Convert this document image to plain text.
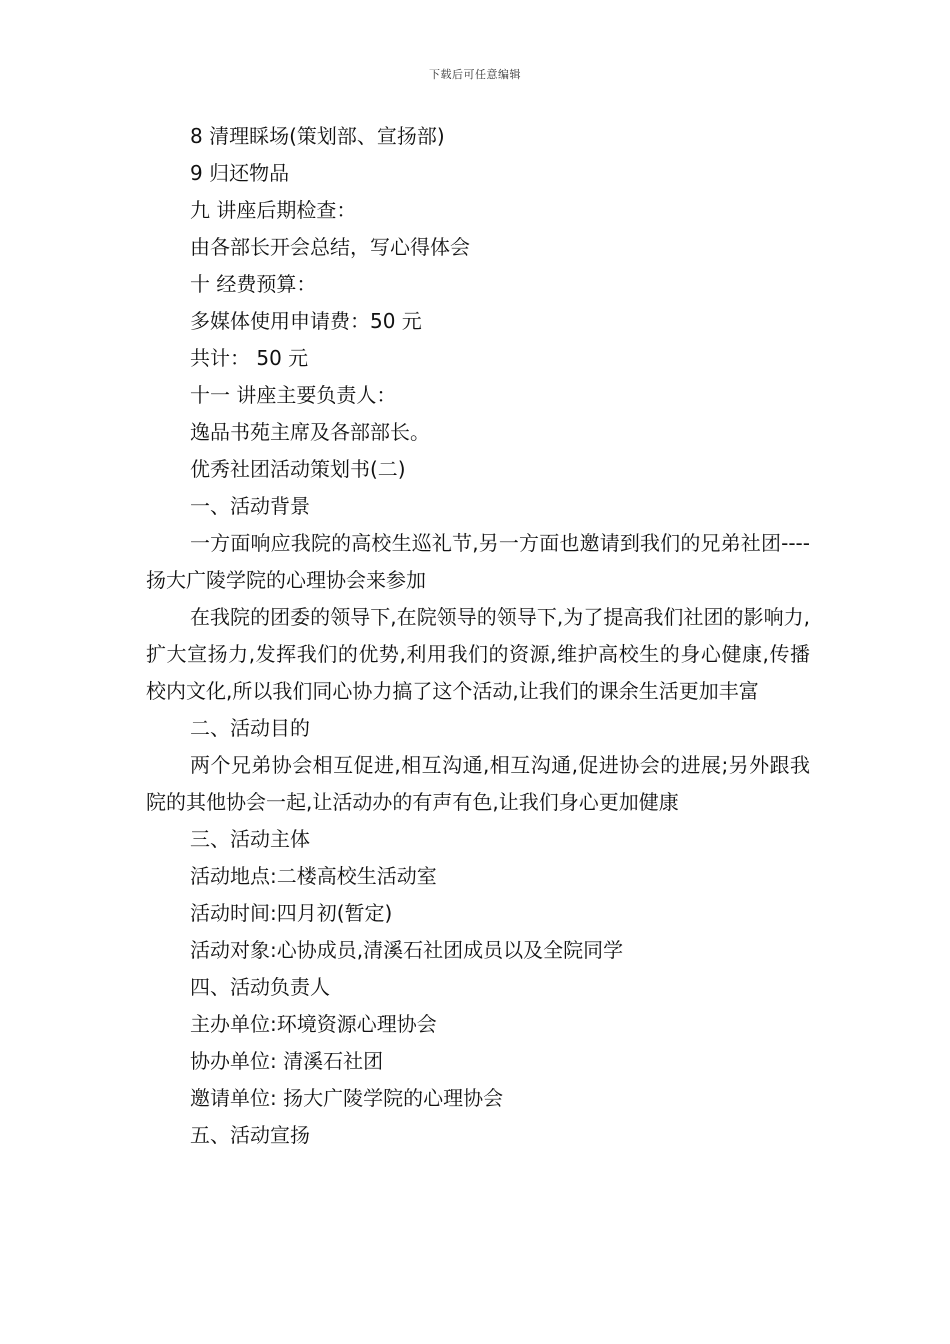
下载后可任意编辑

8 清理睬场(策划部、宣扬部)

9 归还物品

九 讲座后期检查：

由各部长开会总结，写心得体会

十 经费预算：

多媒体使用申请费：50 元

共计： 50 元

十一 讲座主要负责人：

逸品书苑主席及各部部长。

优秀社团活动策划书(二)

一、活动背景

一方面响应我院的高校生巡礼节,另一方面也邀请到我们的兄弟社团----扬大广陵学院的心理协会来参加

在我院的团委的领导下,在院领导的领导下,为了提高我们社团的影响力,扩大宣扬力,发挥我们的优势,利用我们的资源,维护高校生的身心健康,传播校内文化,所以我们同心协力搞了这个活动,让我们的课余生活更加丰富

二、活动目的

两个兄弟协会相互促进,相互沟通,相互沟通,促进协会的进展;另外跟我院的其他协会一起,让活动办的有声有色,让我们身心更加健康

三、活动主体

活动地点:二楼高校生活动室

活动时间:四月初(暂定)

活动对象:心协成员,清溪石社团成员以及全院同学

四、活动负责人

主办单位:环境资源心理协会

协办单位: 清溪石社团

邀请单位: 扬大广陵学院的心理协会

五、活动宣扬
